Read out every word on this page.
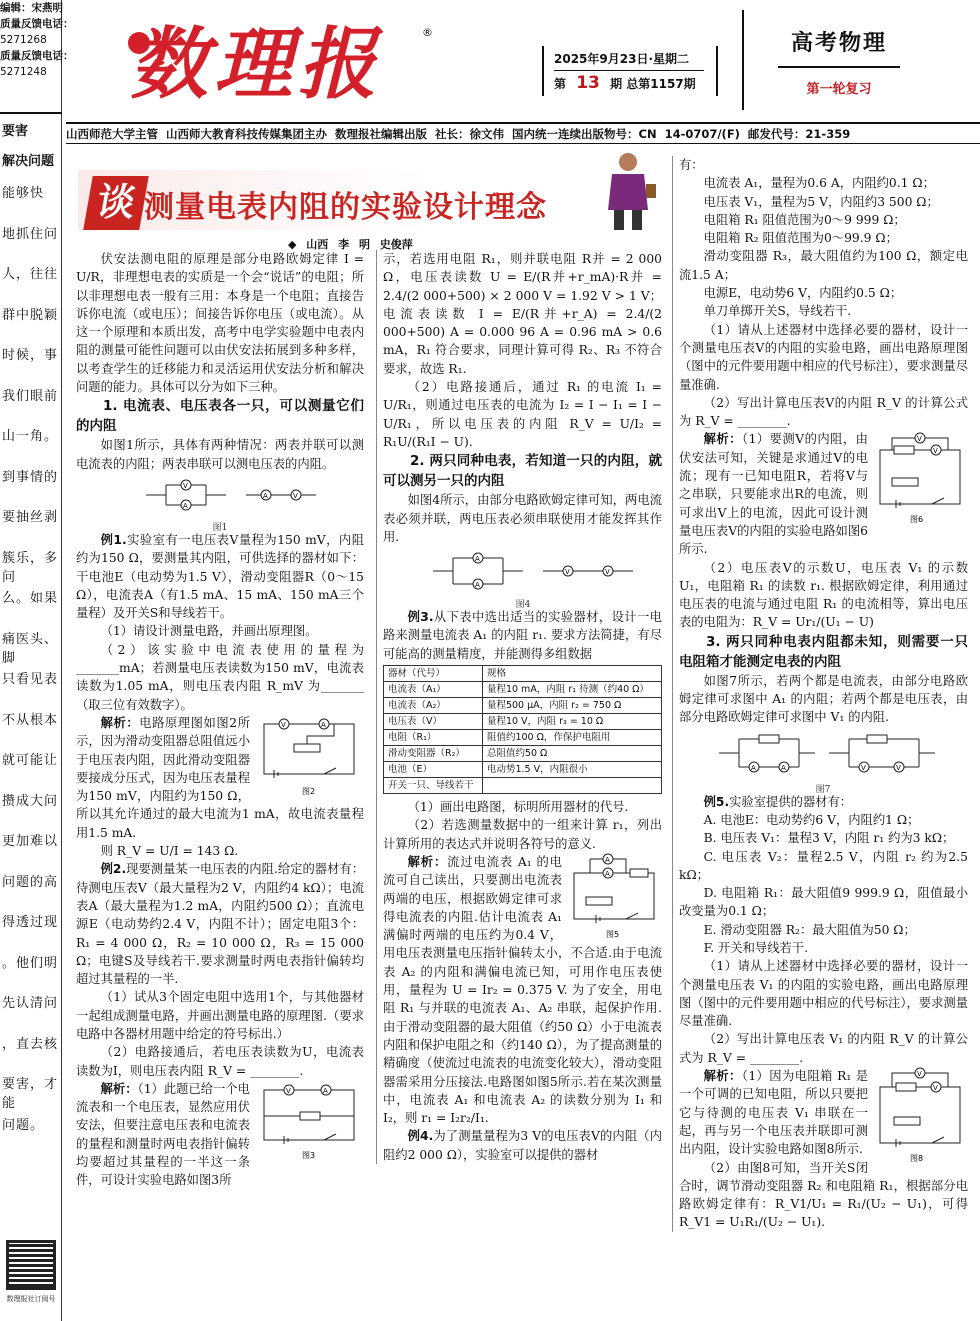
编辑：宋燕明
质量反馈电话：
5271268
质量反馈电话：
5271248
要害
解决问题
能够快
地抓住问
人，往往
群中脱颖
时候，事
我们眼前
山一角。
到事情的
要抽丝剥
簇乐，多问
么。如果
痛医头、脚
只看见表
不从根本
就可能让
攒成大问
更加难以
问题的高
得透过现
。他们明
先认清问
，直去核
要害，才能
问题。
数理报社订阅号
数理报	®
2025年9月23日·星期二
第 13 期 总第1157期
高考物理
第一轮复习
山西师范大学主管 山西师大教育科技传媒集团主办 数理报社编辑出版 社长：徐文伟 国内统一连续出版物号：CN 14-0707/(F) 邮发代号：21-359
谈 测量电表内阻的实验设计理念
◆ 山西 李 明 史俊萍

伏安法测电阻的原理是部分电路欧姆定律 I = U/R，非理想电表的实质是一个会“说话”的电阻；所以非理想电表一般有三用：本身是一个电阻；直接告诉你电流（或电压）；间接告诉你电压（或电流）。从这一个原理和本质出发，高考中电学实验题中电表内阻的测量可能性问题可以由伏安法拓展到多种多样，以考查学生的迁移能力和灵活运用伏安法分析和解决问题的能力。具体可以分为如下三种。

1. 电流表、电压表各一只，可以测量它们的内阻

如图1所示，具体有两种情况：两表并联可以测电流表的内阻；两表串联可以测电压表的内阻。

V
A
A	V
图1

例1.实验室有一电压表V量程为150 mV，内阻约为150 Ω，要测量其内阻，可供选择的器材如下：干电池E（电动势为1.5 V），滑动变阻器R（0～15 Ω），电流表A（有1.5 mA、15 mA、150 mA三个量程）及开关S和导线若干。

（1）请设计测量电路，并画出原理图。

（2）该实验中电流表使用的量程为_______mA；若测量电压表读数为150 mV，电流表读数为1.05 mA，则电压表内阻 R_mV 为_______（取三位有效数字）。

V	A
图2

解析：电路原理图如图2所示，因为滑动变阻器总阻值远小于电压表内阻，因此滑动变阻器要接成分压式，因为电压表量程为150 mV，内阻约为150 Ω，所以其允许通过的最大电流为1 mA，故电流表量程用1.5 mA.

则 R_V = U/I = 143 Ω.

例2.现要测量某一电压表的内阻.给定的器材有：待测电压表V（最大量程为2 V，内阻约4 kΩ）；电流表A（最大量程为1.2 mA，内阻约500 Ω）；直流电源E（电动势约2.4 V，内阻不计）；固定电阻3个：R₁ = 4 000 Ω，R₂ = 10 000 Ω，R₃ = 15 000 Ω；电键S及导线若干.要求测量时两电表指针偏转均超过其量程的一半.

（1）试从3个固定电阻中选用1个，与其他器材一起组成测量电路，并画出测量电路的原理图.（要求电路中各器材用题中给定的符号标出.）

（2）电路接通后，若电压表读数为U，电流表读数为I，则电压表内阻 R_V = ________.

V	A
图3

解析：（1）此题已给一个电流表和一个电压表，显然应用伏安法，但要注意电压表和电流表的量程和测量时两电表指针偏转均要超过其量程的一半这一条件，可设计实验电路如图3所

示，若选用电阻 R₁，则并联电阻 R并 = 2 000 Ω，电压表读数 U = E/(R并+r_mA)·R并 = 2.4/(2 000+500) × 2 000 V = 1.92 V > 1 V；电流表读数 I = E/(R并+r_A) = 2.4/(2 000+500) A = 0.000 96 A = 0.96 mA > 0.6 mA，R₁ 符合要求，同理计算可得 R₂、R₃ 不符合要求，故选 R₁.

（2）电路接通后，通过 R₁ 的电流 I₁ = U/R₁，则通过电压表的电流为 I₂ = I − I₁ = I − U/R₁，所以电压表的内阻 R_V = U/I₂ = R₁U/(R₁I − U).

2. 两只同种电表，若知道一只的内阻，就可以测另一只的内阻

如图4所示，由部分电路欧姆定律可知，两电流表必须并联，两电压表必须串联使用才能发挥其作用.

A
A
V	V
图4

例3.从下表中选出适当的实验器材，设计一电路来测量电流表 A₁ 的内阻 r₁. 要求方法简捷，有尽可能高的测量精度，并能测得多组数据

器材（代号）	规格
电流表（A₁）	量程10 mA，内阻 r₁ 待测（约40 Ω）
电流表（A₂）	量程500 μA，内阻 r₂ = 750 Ω
电压表（V）	量程10 V，内阻 r₃ = 10 Ω
电阻（R₁）	阻值约100 Ω，作保护电阻用
滑动变阻器（R₂）	总阻值约50 Ω
电池（E）	电动势1.5 V，内阻很小
开关一只、导线若干	

（1）画出电路图，标明所用器材的代号.

（2）若选测量数据中的一组来计算 r₁，列出计算所用的表达式并说明各符号的意义.

A
A
图5

解析：流过电流表 A₁ 的电流可自己读出，只要测出电流表两端的电压，根据欧姆定律可求得电流表的内阻.估计电流表 A₁ 满偏时两端的电压约为0.4 V，用电压表测量电压指针偏转太小，不合适.由于电流表 A₂ 的内阻和满偏电流已知，可用作电压表使用，量程为 U = Ir₂ = 0.375 V. 为了安全，用电阻 R₁ 与并联的电流表 A₁、A₂ 串联，起保护作用.由于滑动变阻器的最大阻值（约50 Ω）小于电流表内阻和保护电阻之和（约140 Ω），为了提高测量的精确度（使流过电流表的电流变化较大），滑动变阻器需采用分压接法.电路图如图5所示.若在某次测量中，电流表 A₁ 和电流表 A₂ 的读数分别为 I₁ 和 I₂，则 r₁ = I₂r₂/I₁.

例4.为了测量量程为3 V的电压表V的内阻（内阻约2 000 Ω），实验室可以提供的器材

有：

电流表 A₁，量程为0.6 A，内阻约0.1 Ω；

电压表 V₁，量程为5 V，内阻约3 500 Ω；

电阻箱 R₁ 阻值范围为0～9 999 Ω；

电阻箱 R₂ 阻值范围为0～99.9 Ω；

滑动变阻器 R₃，最大阻值约为100 Ω，额定电流1.5 A；

电源E，电动势6 V，内阻约0.5 Ω；

单刀单掷开关S，导线若干.

（1）请从上述器材中选择必要的器材，设计一个测量电压表V的内阻的实验电路，画出电路原理图（图中的元件要用题中相应的代号标注），要求测量尽量准确.

（2）写出计算电压表V的内阻 R_V 的计算公式为 R_V = ________.

V
V
图6

解析：（1）要测V的内阻，由伏安法可知，关键是求通过V的电流；现有一已知电阻R，若将V与之串联，只要能求出R的电流，则可求出V上的电流，因此可设计测量电压表V的内阻的实验电路如图6所示.

（2）电压表V的示数U，电压表 V₁ 的示数 U₁，电阻箱 R₁ 的读数 r₁. 根据欧姆定律，利用通过电压表的电流与通过电阻 R₁ 的电流相等，算出电压表的电阻为：R_V = Ur₁/(U₁ − U)

3. 两只同种电表内阻都未知，则需要一只电阻箱才能测定电表的内阻

如图7所示，若两个都是电流表，由部分电路欧姆定律可求图中 A₁ 的内阻；若两个都是电压表，由部分电路欧姆定律可求图中 V₁ 的内阻.

A	A	V	V
图7

例5.实验室提供的器材有：

A. 电池E：电动势约6 V，内阻约1 Ω；

B. 电压表 V₁：量程3 V，内阻 r₁ 约为3 kΩ；

C. 电压表 V₂：量程2.5 V，内阻 r₂ 约为2.5 kΩ；

D. 电阻箱 R₁：最大阻值9 999.9 Ω，阻值最小改变量为0.1 Ω；

E. 滑动变阻器 R₂：最大阻值为50 Ω；

F. 开关和导线若干.

（1）请从上述器材中选择必要的器材，设计一个测量电压表 V₁ 的内阻的实验电路，画出电路原理图（图中的元件要用题中相应的代号标注），要求测量尽量准确.

（2）写出计算电压表 V₁ 的内阻 R_V 的计算公式为 R_V = ________.

V
V
图8

解析：（1）因为电阻箱 R₁ 是一个可调的已知电阻，所以只要把它与待测的电压表 V₁ 串联在一起，再与另一个电压表并联即可测出内阻，设计实验电路如图8所示.

（2）由图8可知，当开关S闭合时，调节滑动变阻器 R₂ 和电阻箱 R₁，根据部分电路欧姆定律有：R_V1/U₁ = R₁/(U₂ − U₁)，可得 R_V1 = U₁R₁/(U₂ − U₁).
